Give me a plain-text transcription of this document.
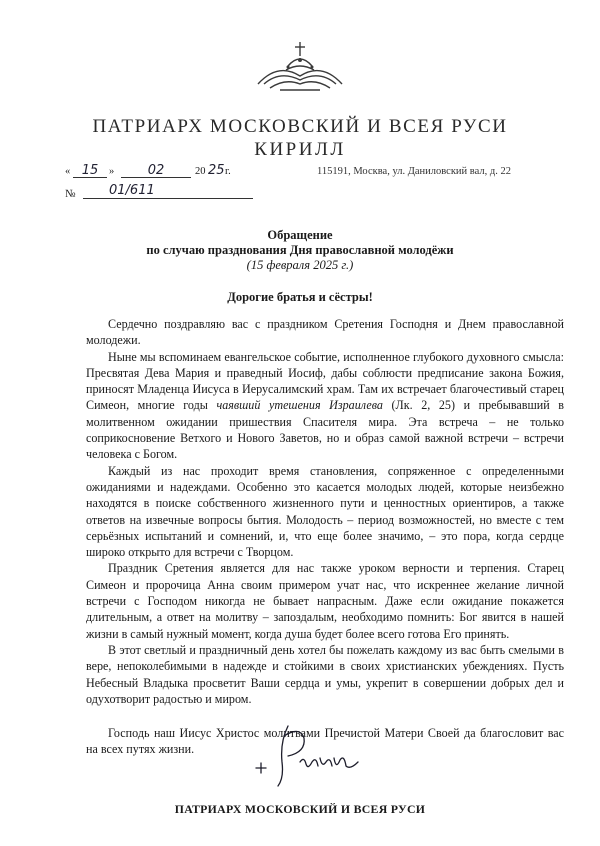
ПАТРИАРХ МОСКОВСКИЙ И ВСЕЯ РУСИ
КИРИЛЛ
« 15	»	02	20 25 г.	115191, Москва, ул. Даниловский вал, д. 22
№	01/611
Обращение
по случаю празднования Дня православной молодёжи
(15 февраля 2025 г.)
Дорогие братья и сёстры!

Сердечно поздравляю вас с праздником Сретения Господня и Днем православной молодежи.

Ныне мы вспоминаем евангельское событие, исполненное глубокого духовного смысла: Пресвятая Дева Мария и праведный Иосиф, дабы соблюсти предписание закона Божия, приносят Младенца Иисуса в Иерусалимский храм. Там их встречает благочестивый старец Симеон, многие годы чаявший утешения Израилева (Лк. 2, 25) и пребывавший в молитвенном ожидании пришествия Спасителя мира. Эта встреча – не только соприкосновение Ветхого и Нового Заветов, но и образ самой важной встречи – встречи человека с Богом.

Каждый из нас проходит время становления, сопряженное с определенными ожиданиями и надеждами. Особенно это касается молодых людей, которые неизбежно находятся в поиске собственного жизненного пути и ценностных ориентиров, а также ответов на извечные вопросы бытия. Молодость – период возможностей, но вместе с тем серьёзных испытаний и сомнений, и, что еще более значимо, – это пора, когда сердце широко открыто для встречи с Творцом.

Праздник Сретения является для нас также уроком верности и терпения. Старец Симеон и пророчица Анна своим примером учат нас, что искреннее желание личной встречи с Господом никогда не бывает напрасным. Даже если ожидание покажется длительным, а ответ на молитву – запоздалым, необходимо помнить: Бог явится в нашей жизни в самый нужный момент, когда душа будет более всего готова Его принять.

В этот светлый и праздничный день хотел бы пожелать каждому из вас быть смелыми в вере, непоколебимыми в надежде и стойкими в своих христианских убеждениях. Пусть Небесный Владыка просветит Ваши сердца и умы, укрепит в совершении добрых дел и одухотворит радостью и миром.

Господь наш Иисус Христос молитвами Пречистой Матери Своей да благословит вас на всех путях жизни.

ПАТРИАРХ МОСКОВСКИЙ И ВСЕЯ РУСИ
